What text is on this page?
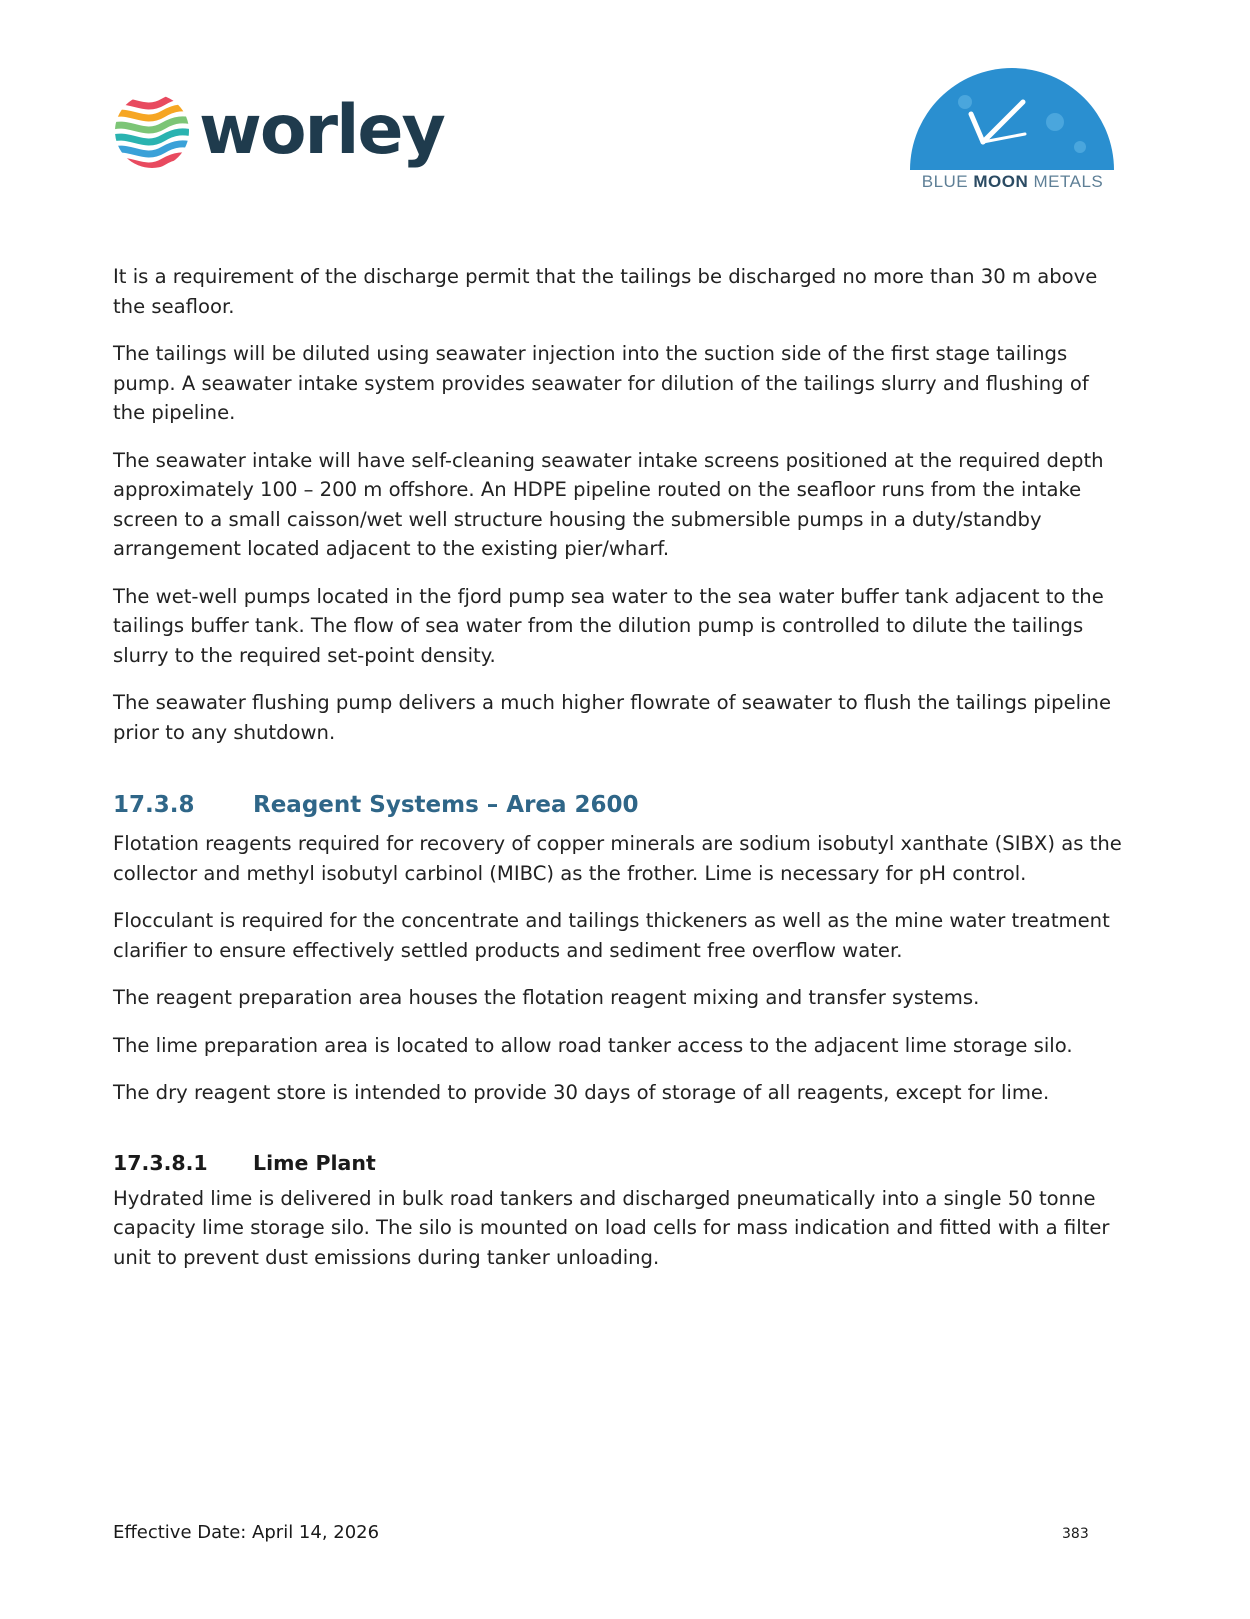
worley
BLUE MOON METALS

It is a requirement of the discharge permit that the tailings be discharged no more than 30 m above the seafloor.

The tailings will be diluted using seawater injection into the suction side of the first stage tailings pump. A seawater intake system provides seawater for dilution of the tailings slurry and flushing of the pipeline.

The seawater intake will have self-cleaning seawater intake screens positioned at the required depth approximately 100 – 200 m offshore. An HDPE pipeline routed on the seafloor runs from the intake screen to a small caisson/wet well structure housing the submersible pumps in a duty/standby arrangement located adjacent to the existing pier/wharf.

The wet-well pumps located in the fjord pump sea water to the sea water buffer tank adjacent to the tailings buffer tank. The flow of sea water from the dilution pump is controlled to dilute the tailings slurry to the required set-point density.

The seawater flushing pump delivers a much higher flowrate of seawater to flush the tailings pipeline prior to any shutdown.

17.3.8	Reagent Systems – Area 2600

Flotation reagents required for recovery of copper minerals are sodium isobutyl xanthate (SIBX) as the collector and methyl isobutyl carbinol (MIBC) as the frother. Lime is necessary for pH control.

Flocculant is required for the concentrate and tailings thickeners as well as the mine water treatment clarifier to ensure effectively settled products and sediment free overflow water.

The reagent preparation area houses the flotation reagent mixing and transfer systems.

The lime preparation area is located to allow road tanker access to the adjacent lime storage silo.

The dry reagent store is intended to provide 30 days of storage of all reagents, except for lime.

17.3.8.1	Lime Plant

Hydrated lime is delivered in bulk road tankers and discharged pneumatically into a single 50 tonne capacity lime storage silo. The silo is mounted on load cells for mass indication and fitted with a filter unit to prevent dust emissions during tanker unloading.

Effective Date: April 14, 2026	383
